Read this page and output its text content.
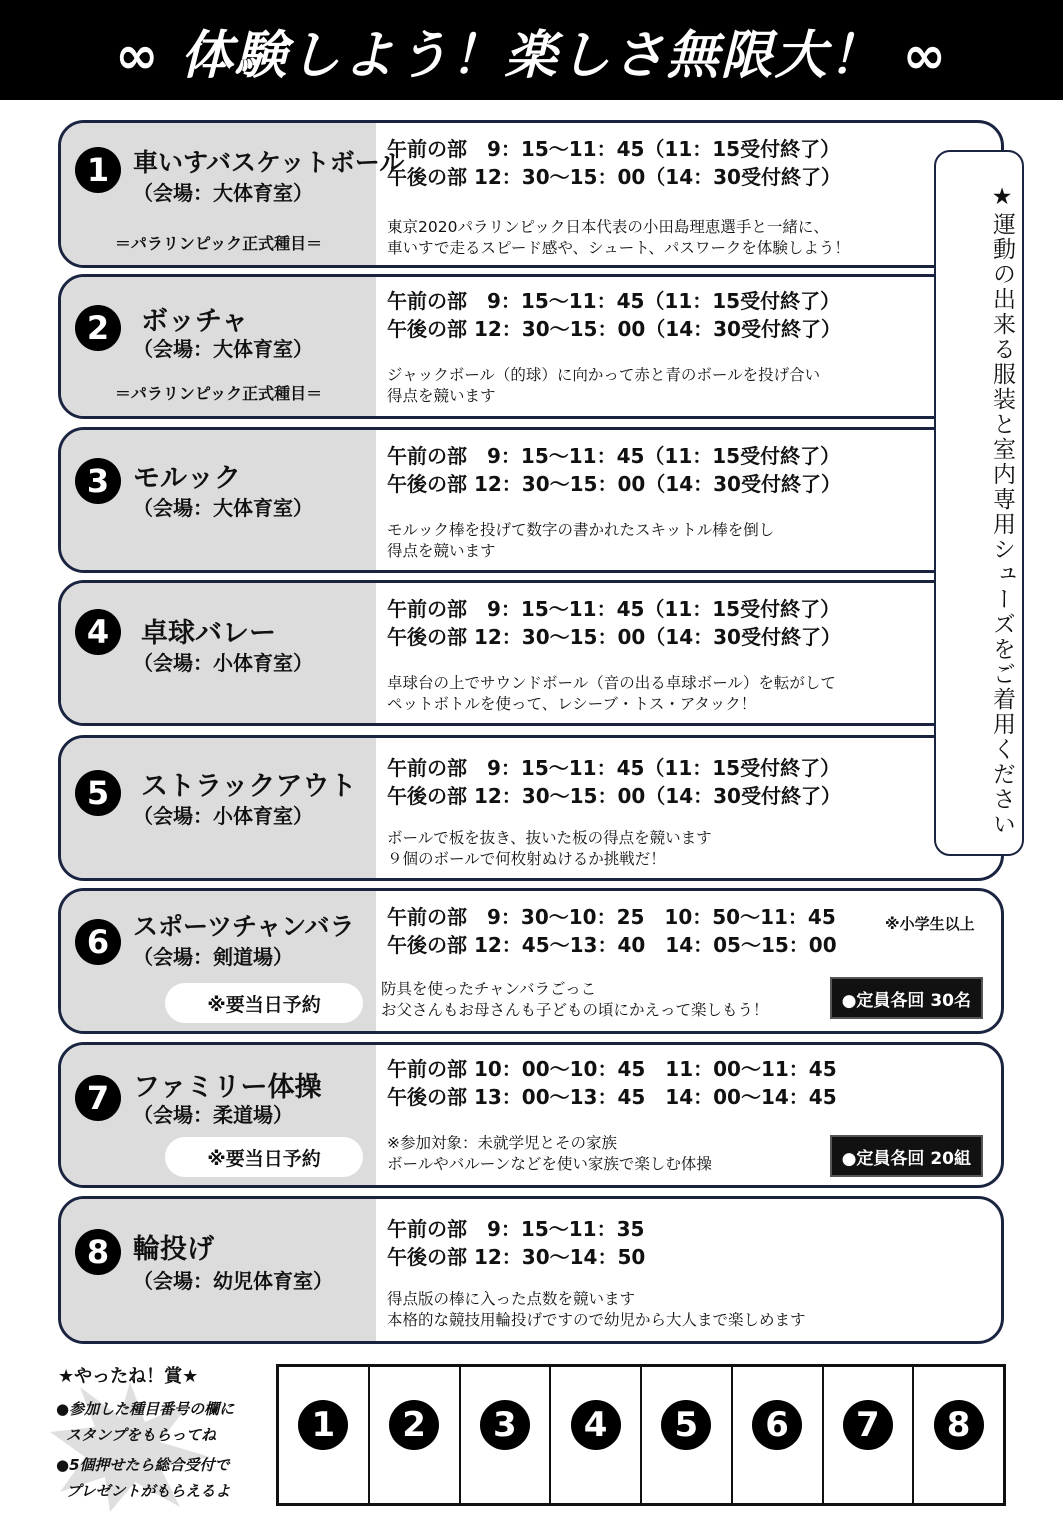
∞ 体験しよう！楽しさ無限大！ ∞
1 車いすバスケットボール
（会場：大体育室）
＝パラリンピック正式種目＝
午前の部　9：15〜11：45（11：15受付終了）
午後の部 12：30〜15：00（14：30受付終了）
東京2020パラリンピック日本代表の小田島理恵選手と一緒に、
車いすで走るスピード感や、シュート、パスワークを体験しよう！
2	ボッチャ
（会場：大体育室）
＝パラリンピック正式種目＝
午前の部　9：15〜11：45（11：15受付終了）
午後の部 12：30〜15：00（14：30受付終了）
ジャックボール（的球）に向かって赤と青のボールを投げ合い
得点を競います
3 モルック
（会場：大体育室）
午前の部　9：15〜11：45（11：15受付終了）
午後の部 12：30〜15：00（14：30受付終了）
モルック棒を投げて数字の書かれたスキットル棒を倒し
得点を競います
4	卓球バレー
（会場：小体育室）
午前の部　9：15〜11：45（11：15受付終了）
午後の部 12：30〜15：00（14：30受付終了）
卓球台の上でサウンドボール（音の出る卓球ボール）を転がして
ペットボトルを使って、レシーブ・トス・アタック！
5	ストラックアウト
（会場：小体育室）
午前の部　9：15〜11：45（11：15受付終了）
午後の部 12：30〜15：00（14：30受付終了）
ボールで板を抜き、抜いた板の得点を競います
９個のボールで何枚射ぬけるか挑戦だ！
6 スポーツチャンバラ
（会場：剣道場）
※要当日予約
午前の部　9：30〜10：25　10：50〜11：45
午後の部 12：45〜13：40　14：05〜15：00
※小学生以上
防具を使ったチャンバラごっこ
お父さんもお母さんも子どもの頃にかえって楽しもう！	●定員各回 30名
7 ファミリー体操
（会場：柔道場）
※要当日予約
午前の部 10：00〜10：45　11：00〜11：45
午後の部 13：00〜13：45　14：00〜14：45
※参加対象：未就学児とその家族
ボールやバルーンなどを使い家族で楽しむ体操	●定員各回 20組
8 輪投げ
（会場：幼児体育室）
午前の部　9：15〜11：35
午後の部 12：30〜14：50
得点版の棒に入った点数を競います
本格的な競技用輪投げですので幼児から大人まで楽しめます
★運動の出来る服装と室内専用シューズをご着用ください
★やったね！賞★
●参加した種目番号の欄に
スタンプをもらってね
●5個押せたら総合受付で
プレゼントがもらえるよ
1	2	3	4	5	6	7	8
